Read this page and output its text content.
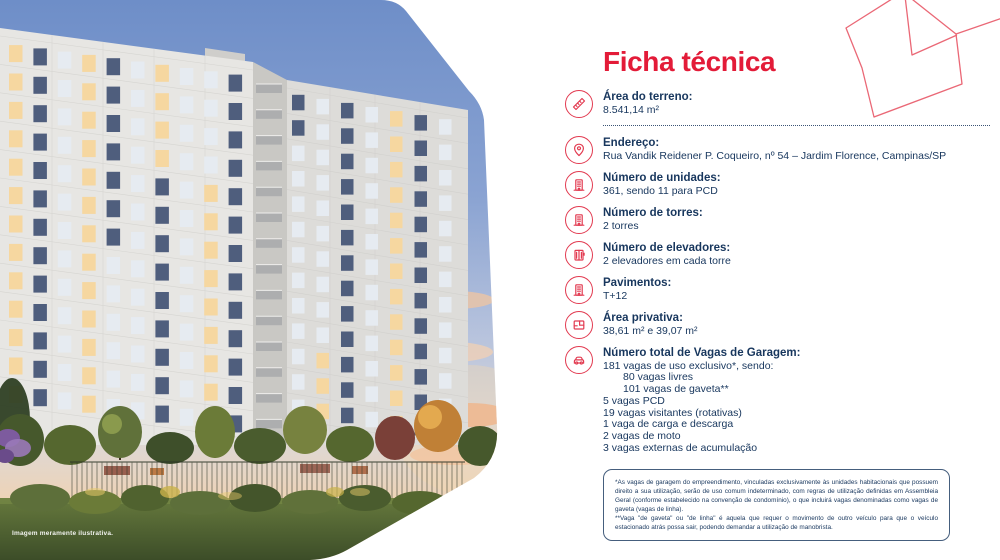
Imagem meramente ilustrativa.
Ficha técnica
Área do terreno:
8.541,14 m²
Endereço:
Rua Vandik Reidener P. Coqueiro, nº 54 – Jardim Florence, Campinas/SP
Número de unidades:
361, sendo 11 para PCD
Número de torres:
2 torres
Número de elevadores:
2 elevadores em cada torre
Pavimentos:
T+12
Área privativa:
38,61 m² e 39,07 m²
Número total de Vagas de Garagem:
181 vagas de uso exclusivo*, sendo:
80 vagas livres
101 vagas de gaveta**
5 vagas PCD
19 vagas visitantes (rotativas)
1 vaga de carga e descarga
2 vagas de moto
3 vagas externas de acumulação

*As vagas de garagem do empreendimento, vinculadas exclusivamente às unidades habitacionais que possuem direito a sua utilização, serão de uso comum indeterminado, com regras de utilização definidas em Assembleia Geral (conforme estabelecido na convenção de condomínio), o que incluirá vagas denominadas como vagas de gaveta (vagas de linha).

**Vaga "de gaveta" ou "de linha" é aquela que requer o movimento de outro veículo para que o veículo estacionado atrás possa sair, podendo demandar a utilização de manobrista.
